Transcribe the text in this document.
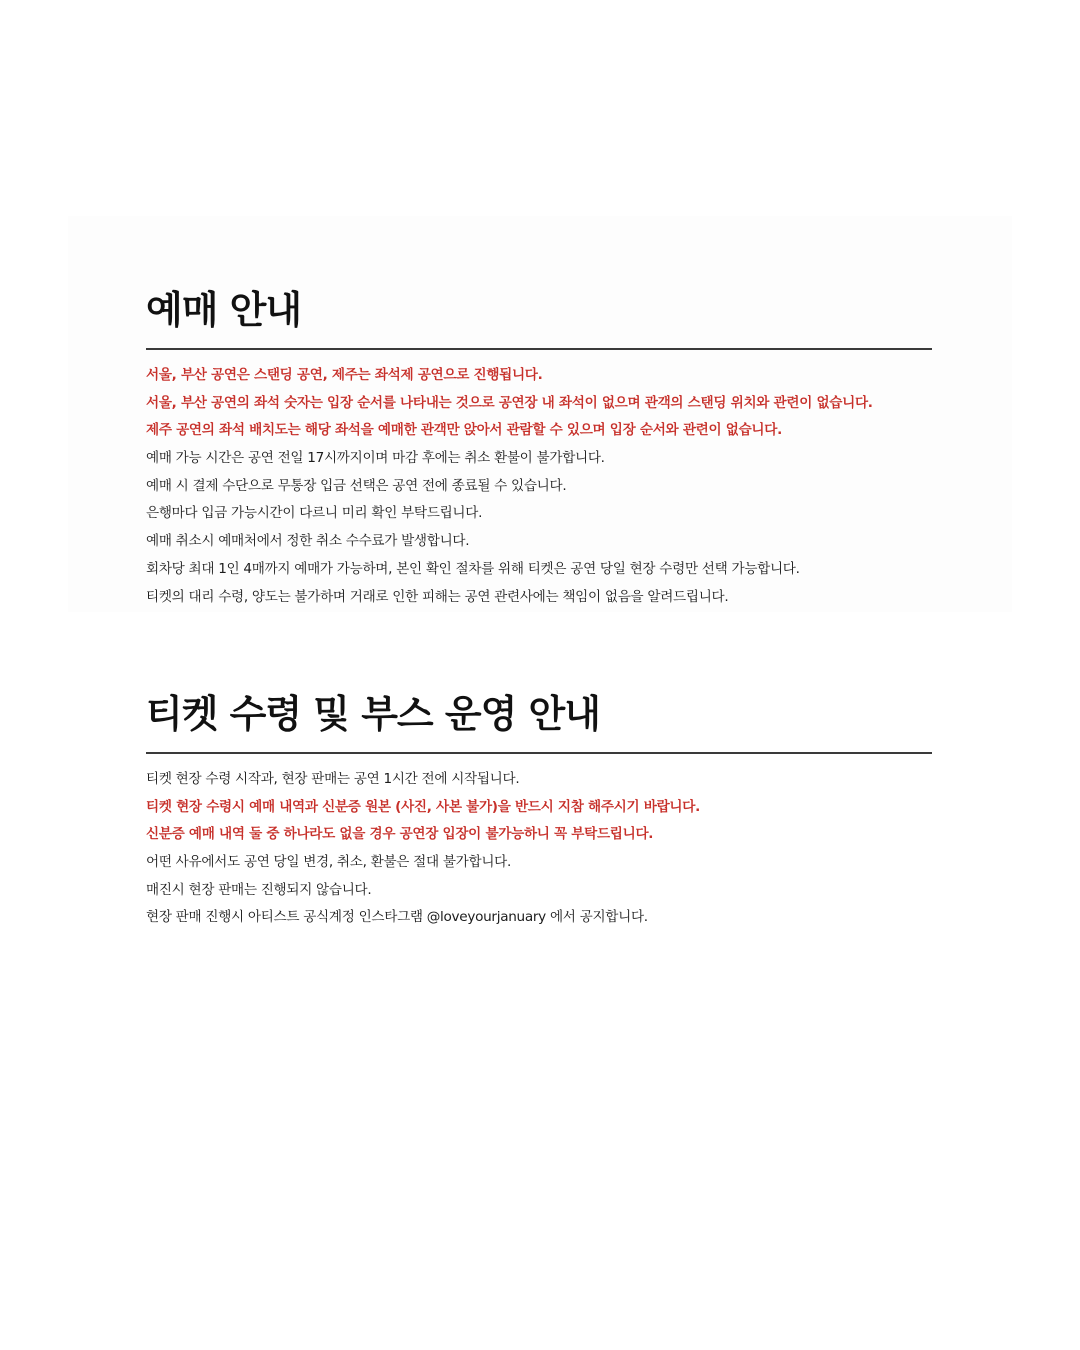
예매 안내
서울, 부산 공연은 스탠딩 공연, 제주는 좌석제 공연으로 진행됩니다.
서울, 부산 공연의 좌석 숫자는 입장 순서를 나타내는 것으로 공연장 내 좌석이 없으며 관객의 스탠딩 위치와 관련이 없습니다.
제주 공연의 좌석 배치도는 해당 좌석을 예매한 관객만 앉아서 관람할 수 있으며 입장 순서와 관련이 없습니다.
예매 가능 시간은 공연 전일 17시까지이며 마감 후에는 취소 환불이 불가합니다.
예매 시 결제 수단으로 무통장 입금 선택은 공연 전에 종료될 수 있습니다.
은행마다 입금 가능시간이 다르니 미리 확인 부탁드립니다.
예매 취소시 예매처에서 정한 취소 수수료가 발생합니다.
회차당 최대 1인 4매까지 예매가 가능하며, 본인 확인 절차를 위해 티켓은 공연 당일 현장 수령만 선택 가능합니다.
티켓의 대리 수령, 양도는 불가하며 거래로 인한 피해는 공연 관련사에는 책임이 없음을 알려드립니다.
티켓 수령 및 부스 운영 안내
티켓 현장 수령 시작과, 현장 판매는 공연 1시간 전에 시작됩니다.
티켓 현장 수령시 예매 내역과 신분증 원본 (사진, 사본 불가)을 반드시 지참 해주시기 바랍니다.
신분증 예매 내역 둘 중 하나라도 없을 경우 공연장 입장이 불가능하니 꼭 부탁드립니다.
어떤 사유에서도 공연 당일 변경, 취소, 환불은 절대 불가합니다.
매진시 현장 판매는 진행되지 않습니다.
현장 판매 진행시 아티스트 공식계정 인스타그램 @loveyourjanuary 에서 공지합니다.
